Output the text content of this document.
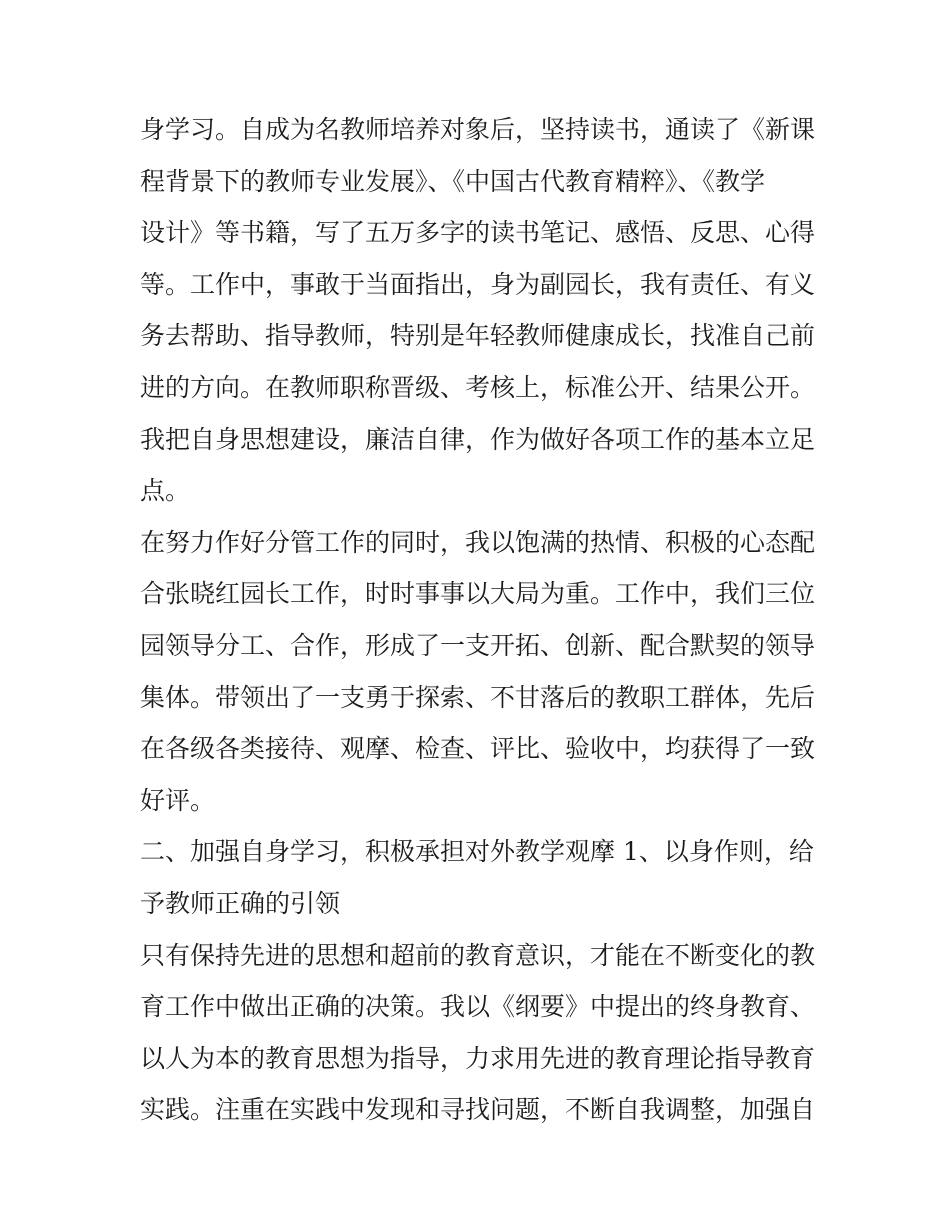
身学习。自成为名教师培养对象后，坚持读书，通读了《新课
程背景下的教师专业发展》、《中国古代教育精粹》、《教学
设计》等书籍，写了五万多字的读书笔记、感悟、反思、心得
等。工作中，事敢于当面指出，身为副园长，我有责任、有义
务去帮助、指导教师，特别是年轻教师健康成长，找准自己前
进的方向。在教师职称晋级、考核上，标准公开、结果公开。
我把自身思想建设，廉洁自律，作为做好各项工作的基本立足
点。
在努力作好分管工作的同时，我以饱满的热情、积极的心态配
合张晓红园长工作，时时事事以大局为重。工作中，我们三位
园领导分工、合作，形成了一支开拓、创新、配合默契的领导
集体。带领出了一支勇于探索、不甘落后的教职工群体，先后
在各级各类接待、观摩、检查、评比、验收中，均获得了一致
好评。
二、加强自身学习，积极承担对外教学观摩 1、以身作则，给
予教师正确的引领
只有保持先进的思想和超前的教育意识，才能在不断变化的教
育工作中做出正确的决策。我以《纲要》中提出的终身教育、
以人为本的教育思想为指导，力求用先进的教育理论指导教育
实践。注重在实践中发现和寻找问题，不断自我调整，加强自
